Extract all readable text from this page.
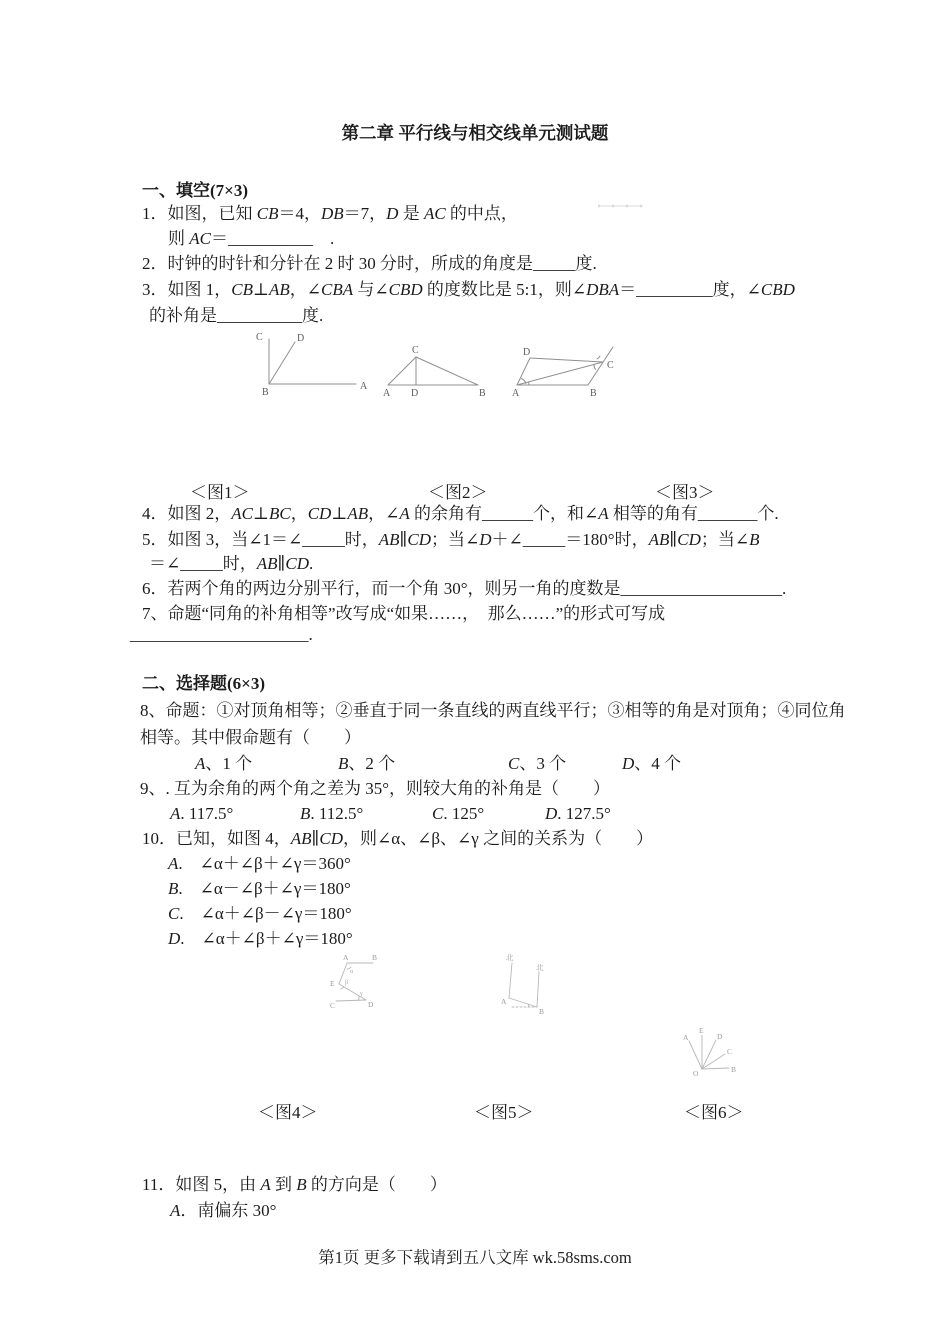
第二章 平行线与相交线单元测试题
一、填空(7×3)
1．如图，已知 CB＝4，DB＝7，D 是 AC 的中点，
则 AC＝__________　.
2．时钟的时针和分针在 2 时 30 分时，所成的角度是_____度.
3．如图 1，CB⊥AB，∠CBA 与∠CBD 的度数比是 5:1，则∠DBA＝_________度，∠CBD
的补角是__________度.
C	D
B
A
A D	B
C
A	B
C
D
＜图1＞	＜图2＞	＜图3＞
4．如图 2，AC⊥BC，CD⊥AB，∠A 的余角有______个，和∠A 相等的角有_______个.
5．如图 3，当∠1＝∠_____时，AB∥CD；当∠D＋∠_____＝180°时，AB∥CD；当∠B
＝∠_____时，AB∥CD.
6．若两个角的两边分别平行，而一个角 30°，则另一角的度数是___________________.
7、命题“同角的补角相等”改写成“如果……，　那么……”的形式可写成
_____________________.
二、选择题(6×3)
8、命题：①对顶角相等；②垂直于同一条直线的两直线平行；③相等的角是对顶角；④同位角
相等。其中假命题有（　　）
A、1 个	B、2 个	C、3 个	D、4 个
9、. 互为余角的两个角之差为 35°，则较大角的补角是（　　）
A. 117.5°	B. 112.5°	C. 125°	D. 127.5°
10．已知，如图 4，AB∥CD，则∠α、∠β、∠γ 之间的关系为（　　）
A.　∠α＋∠β＋∠γ＝360°
B.　∠α－∠β＋∠γ＝180°
C.　∠α＋∠β－∠γ＝180°
D.　∠α＋∠β＋∠γ＝180°
A	B
E
D
C
α
β
γ
北
北
A
B
A
E
D
C
B
O
＜图4＞	＜图5＞	＜图6＞
11．如图 5，由 A 到 B 的方向是（　　）
A．南偏东 30°
第1页 更多下载请到五八文库 wk.58sms.com
